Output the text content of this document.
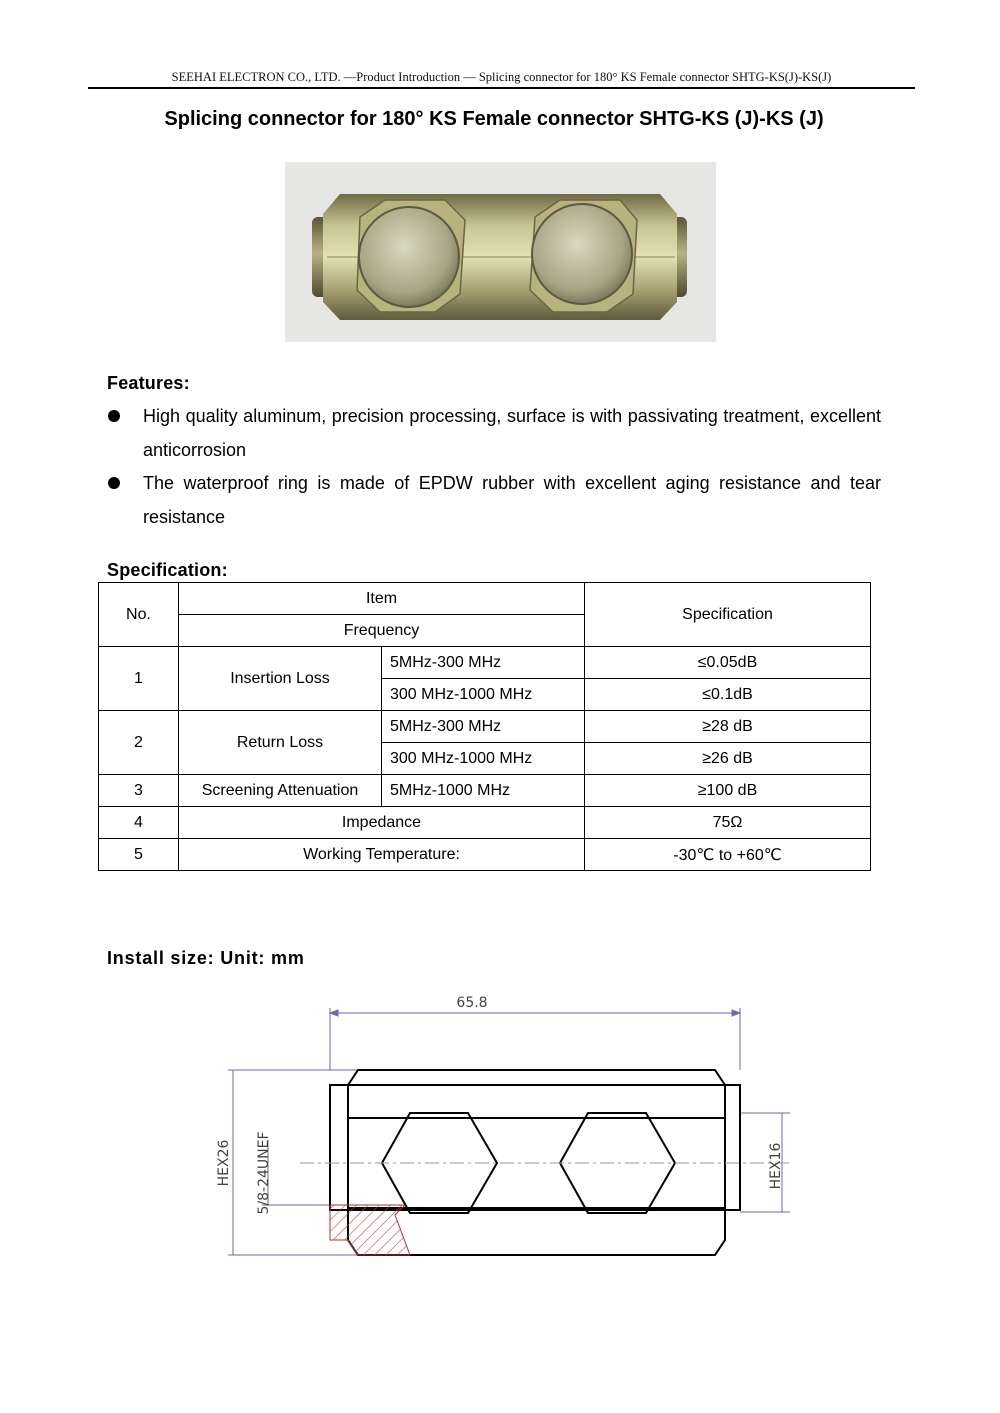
SEEHAI ELECTRON CO., LTD. —Product Introduction — Splicing connector for 180° KS Female connector SHTG-KS(J)-KS(J)
Splicing connector for 180° KS Female connector SHTG-KS (J)-KS (J)
Features:
High quality aluminum, precision processing, surface is with passivating treatment, excellent anticorrosion
The waterproof ring is made of EPDW rubber with excellent aging resistance and tear resistance
Specification:
No.	Item		Specification
	Frequency		
1	Insertion Loss	5MHz-300 MHz	≤0.05dB
		300 MHz-1000 MHz	≤0.1dB
2	Return Loss	5MHz-300 MHz	≥28 dB
		300 MHz-1000 MHz	≥26 dB
3	Screening Attenuation	5MHz-1000 MHz	≥100 dB
4	Impedance		75Ω
5	Working Temperature:		-30℃ to +60℃
Install size: Unit: mm
65.8
HEX26 5/8-24UNEF	HEX16
